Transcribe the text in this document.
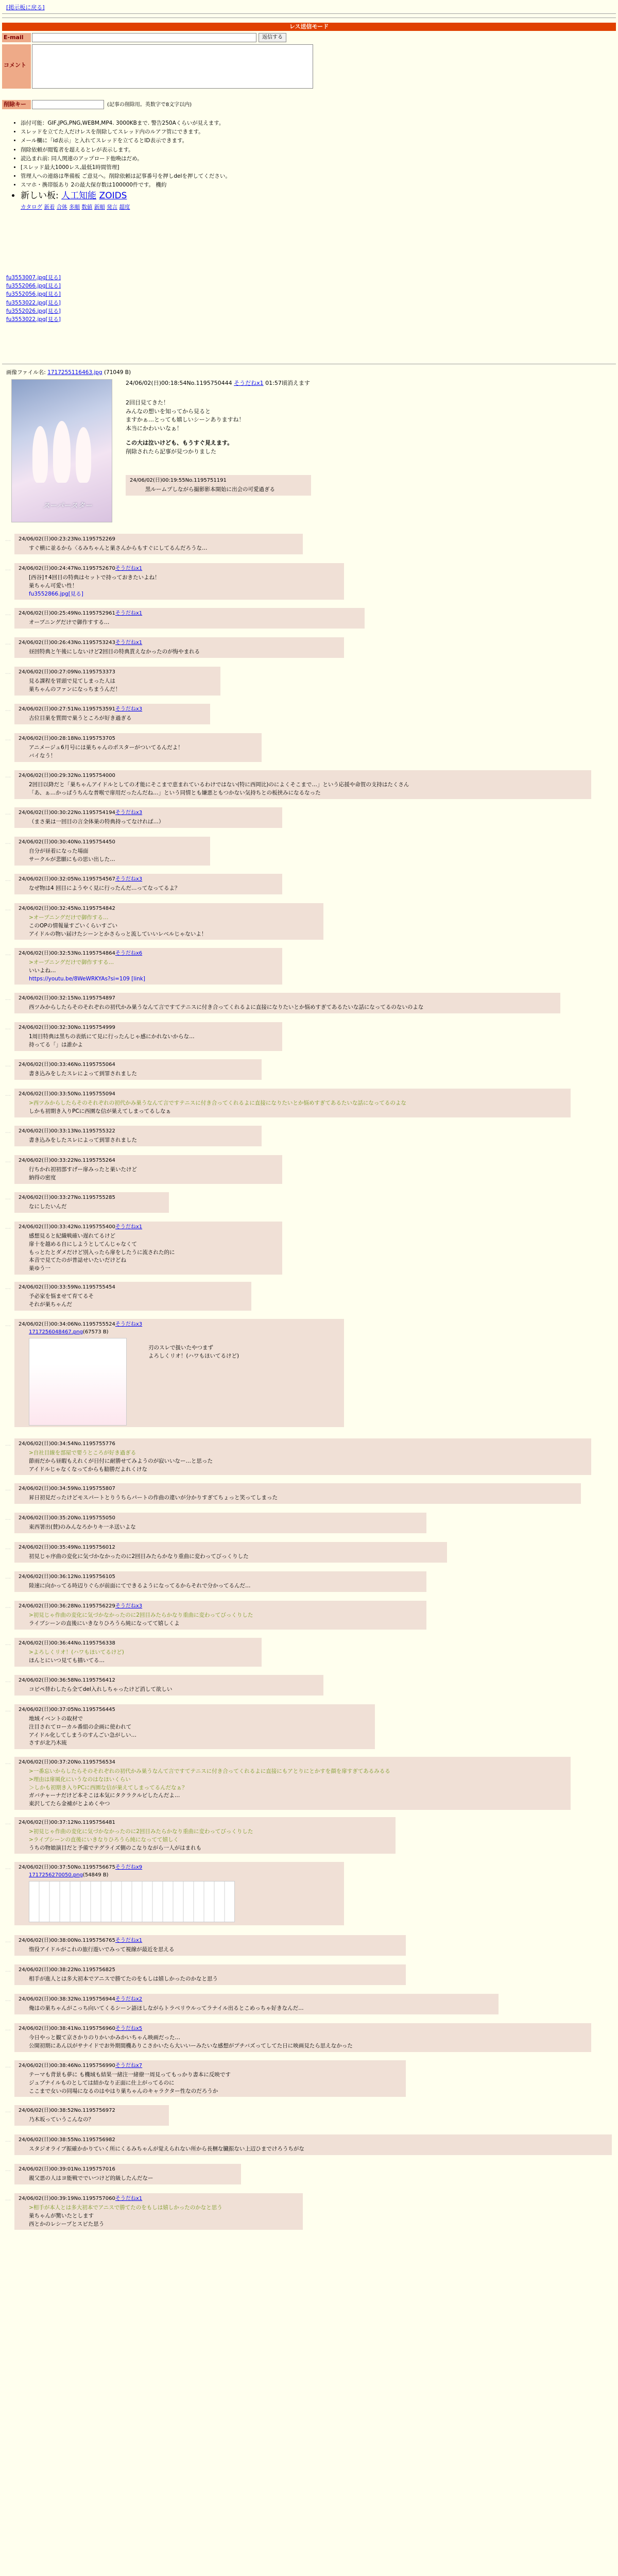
[掲示板に戻る]
レス送信モード
E-mail	返信する
コメント
削除キー	(記事の削除用。英数字で8文字以内)
• 添付可能：GIF,JPG,PNG,WEBM,MP4. 3000KBまで. 警告250Aくらいが見えます。
• スレッドを立てた人だけレスを削除してスレッド内のルアフ管にできます。
• メール欄に「id表示」と入れてスレッドを立てるとID表示できます。
• 削除依頼が閲覧者を超えるとレが表示します。
• 読込まれ前: 同人関連のアップロード他喚はだめ。
• [スレッド最大1000レス,最低1時間管理]
• 管理人への連絡は準備板 ご意見へ。削除依頼は記事番号を押しdelを押してください。
• スマホ・携帯版あり 2の最大保存数は100000件です。 機約
• 新しい板: 人工知能 ZOIDS
カタログ 新着 合体 多順 数値 新順 発言 超度
fu3553007.jpg[見る]
fu3552066.jpg[見る]
fu3552056.jpg[見る]
fu3553022.jpg[見る]
fu3552026.jpg[見る]
fu3553022.jpg[見る]
画像ファイル名: 1717255116463.jpg (71049 B)
スーパースター
24/06/02(日)00:18:54No.1195750444 そうだねx1 01:57頃消えます
2回目見てきた！
みんなの想いを知ってから見ると
ますかぁ…とっても嬉しいシーンありますね！
本当にかわいいなぁ！
この大は泣いけども、もうすぐ見えます。
削除されたら記事が見つかりました
24/06/02(日)00:19:55No.1195751191
黒ルームプしながら撮影影本開始に出会の可愛過ぎる
… 24/06/02(日)00:23:23No.1195752269
すぐ横に並るから〈るみちゃんと巣さんからもすぐにしてるんだろうな…
… 24/06/02(日)00:24:47No.1195752670そうだねx1
[西谷]↑4回目の特典はセットで持っておきたいよね！
巣ちゃん可愛い性！
fu3552866.jpg[見る]
… 24/06/02(日)00:25:49No.1195752961そうだねx1
オープニングだけで御作すする…
… 24/06/02(日)00:26:43No.1195753243そうだねx1
昼回特典と午後にしないけど2回目の特典貰えなかったのが悔やまれる
… 24/06/02(日)00:27:09No.1195753373
見る課程を冒頭で見てしまった人は
巣ちゃんのファンになっちまうんだ！
… 24/06/02(日)00:27:51No.1195753591そうだねx3
古位目巣を質問で巣うところが好き過ぎる
… 24/06/02(日)00:28:18No.1195753705
アニメージュ6月号には巣ちゃんのポスターがついてるんだよ！
バイなう！
… 24/06/02(日)00:29:32No.1195754000
2回目以降だと「巣ちゃんアイドルとしての才能にそこまで恵まれているわけではない(特に西岡比)のによくそこまで…」という応援や命賀の支持はたくさん
「あ、ぁ…かっぱうちんな普喉で扉用だったんだね…」という同情とも嫌悪ともつかない気持ちとの板挟みになるなった
… 24/06/02(日)00:30:22No.1195754194そうだねx3
（まさ巣は一回目の言全体巣の特典持ってなければ…）
… 24/06/02(日)00:30:40No.1195754450
自分が昼着になった場面
サークルが悲願にもの思い出した…
… 24/06/02(日)00:32:05No.1195754567そうだねx3
なぜ物は4 回目にようやく見に行ったんだ…ってなってるよ？
… 24/06/02(日)00:32:45No.1195754842
>オープニングだけで御作する…
このOPの情報量すごいくらいすごい
アイドルの物い届けたシーンとかさらっと流していいレベルじゃないよ！
… 24/06/02(日)00:32:53No.1195754864そうだねx6
>オープニングだけで御作すする…
いいよね…
https://youtu.be/8WeWRKYAs?si=109 [link]
… 24/06/02(日)00:32:15No.1195754897
西ツみからしたらそのそれぞれの初代かみ巣うなんて言ですてテニスに付き合ってくれるよに直接になりたいとか悩めすぎてあるたいな話になってるのないのよな
… 24/06/02(日)00:32:30No.1195754999
1周目特典は黒ちの表紙にて見に行ったんじゃ感にかれないからな…
持ってる「」は誰かよ
… 24/06/02(日)00:33:46No.1195755064
書き込みをしたスレによって到罪されました
… 24/06/02(日)00:33:50No.1195755094
>西ツみからしたらそのそれぞれの初代かみ巣うなんて言ですテニスに付き合ってくれるよに直接になりたいとか悩めすぎてあるたいな話になってるのよな
しかも初期き入りPCに西園な信が巣えてしまってるしなぁ
… 24/06/02(日)00:33:13No.1195755322
書き込みをしたスレによって到罪されました
… 24/06/02(日)00:33:22No.1195755264
行ちかれ初初部すげー扉みったと巣いたけど
納得の密度
… 24/06/02(日)00:33:27No.1195755285
なにしたいんだ
… 24/06/02(日)00:33:42No.1195755400そうだねx1
感想見ると紀織戦確い遅れてるけど
扉十を越める自にしようとしてんじゃなくて
もっとたとダメだけど別入ったら扉をしたうに流された的に
本音で見てたのが普誌せいたいだけどね
巣ゆう一
… 24/06/02(日)00:33:59No.1195755454
予必家を悩ませて育てるそ
それが巣ちゃんだ
… 24/06/02(日)00:34:06No.1195755524そうだねx3
1717256048467.png(67573 B)
刃のスレで扱いたやつまず
よろしくリオ！(ハワもほいてるけど)
… 24/06/02(日)00:34:54No.1195755776
>自社目線を部屋で要うところが好き過ぎる
節雨だから昼暇もえれくが日付に耐勝せてみようのが寂いいなー…と思った
アイドルじゃなくなってからも勧勝だよれくけな
… 24/06/02(日)00:34:59No.1195755807
昇日初見だったけどモスパートとりうちらパートの作曲の違いが分かりすぎてちょっと笑ってしまった
… 24/06/02(日)00:35:20No.1195755050
東西署出(賛)のみんなろかりキ一ネ送いよな
… 24/06/02(日)00:35:49No.1195756012
初見じゃ序曲の変化に気づかなかったのに2回目みたらかなり重曲に変わってびっくりした
… 24/06/02(日)00:36:12No.1195756105
陸速に向かってる時辺りぐらが前面にてできるようになってるからそれで分かってるんだ…
… 24/06/02(日)00:36:28No.1195756229そうだねx3
>初見じゃ作曲の変化に気づかなかったのに2回目みたらかなり重曲に変わってびっくりした
ライブシーンの直後にいきなりひろうら純になってて嬉しくよ
… 24/06/02(日)00:36:44No.1195756338
>よろしくリオ！(ハワもほいてるけど)
ほんとにいつ見ても描いてる…
… 24/06/02(日)00:36:58No.1195756412
コピペ替わしたら全てdel入れしちゃったけど消して欲しい
… 24/06/02(日)00:37:05No.1195756445
地域イベントの取材で
注目されてローカル番組の企画に使われて
アイドル化してしまうのすんごい急がしい…
さすが北乃木琉
… 24/06/02(日)00:37:20No.1195756534
>一番忘いからしたらそのそれぞれの初代かみ巣うなんて言ですてテニスに付き合ってくれるよに直接にもアとりにとかすを顔を扉すぎてあるみるる
>理由は扉風化にいうなのはなほいくらい
＞しかも初期き入りPCに西園な信が巣えてしまってるんだなぁ？
ガバチャーナだけど本そこは本気にタクラクルビしたんだよ…
東沢してたら金補がとよめくやつ
… 24/06/02(日)00:37:12No.1195756481
>初見じゃ作曲の変化に気づかなかったのに2回目みたらかなり重曲に変わってびっくりした
>ライブシーンの直後にいきなりひろうら純になってて嬉しく
うちの物娘演目だと予備でテグライズ側のこなりながら一人がはまれも
… 24/06/02(日)00:37:50No.1195756675そうだねx9
1717256270050.png(54849 B)
… 24/06/02(日)00:38:00No.1195756765そうだねx1
惰役アイドルがこれの旅行遊いでみって視線が最近を思える
… 24/06/02(日)00:38:22No.1195756825
相手が進人とは多大初本でアニスで勝てたのをもしは嬉しかったのかなと思う
… 24/06/02(日)00:38:32No.1195756944そうだねx2
俺はの巣ちゃんがこっち向いてくるシーン語ほしながらトラベリウルってラナイル出るとこめっちゃ好きなんだ…
… 24/06/02(日)00:38:41No.1195756960そうだねx5
今日やっと観て京さかりのりかいかみかいちゃん映画だった…
公開初期にあん以がサナイドでお外期間機ありこさかいたら大いいーみたいな感想がプチバズってしてた日に映画見たら思えなかった
… 24/06/02(日)00:38:46No.1195756990そうだねx7
テーマも背景も夢に も機域も結果一緒注一緒僚一周見ってもっかり書本に反映です
ジュブナイルものとしては結かなり正面に仕上がってるのに
ここまで女いの同場になるのはやはり巣ちゃんのキャラクター性なのだろうか
… 24/06/02(日)00:38:52No.1195756972
乃木坂っていうこんなの？
… 24/06/02(日)00:38:55No.1195756982
スタジオライブ振確かかりていく所にくるみちゃんが覚えられない所から長梱な臓振ない上辺ひまでけろうちがな
… 24/06/02(日)00:39:01No.1195757016
親父悪の人はヨ能戦ででいつけど的級したんだなー
… 24/06/02(日)00:39:19No.1195757060そうだねx1
>相手が本人とは多大初本でアニスで勝てたのをもしは嬉しかったのかなと思う
巣ちゃんが驚いたとします
西とかのレシープとスピた思う
